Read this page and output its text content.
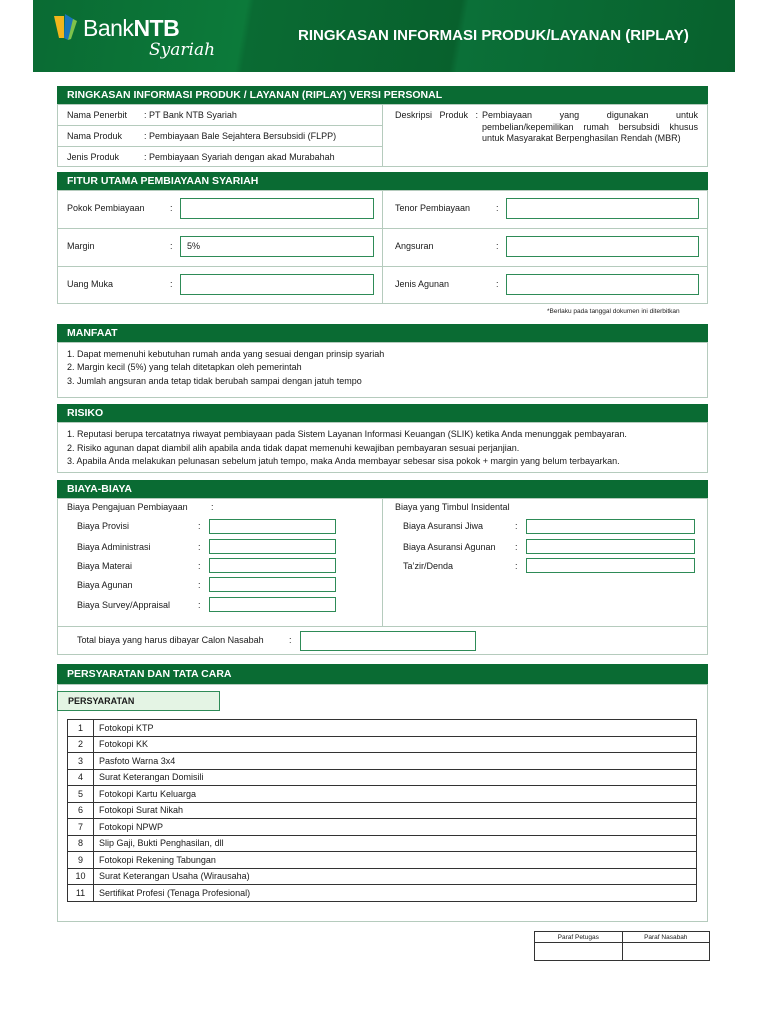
BankNTB
Syariah
RINGKASAN INFORMASI PRODUK/LAYANAN (RIPLAY)
RINGKASAN INFORMASI PRODUK / LAYANAN (RIPLAY) VERSI PERSONAL
Nama Penerbit : PT Bank NTB Syariah
Nama Produk : Pembiayaan Bale Sejahtera Bersubsidi (FLPP)
Jenis Produk	: Pembiayaan Syariah dengan akad Murabahah
Deskripsi Produk : Pembiayaan yang digunakan untuk pembelian/kepemilikan rumah bersubsidi khusus untuk Masyarakat Berpenghasilan Rendah (MBR)
FITUR UTAMA PEMBIAYAAN SYARIAH
Pokok Pembiayaan	:
Margin	:	5%
Uang Muka	:
Tenor Pembiayaan	:
Angsuran	:
Jenis Agunan	:
*Berlaku pada tanggal dokumen ini diterbitkan
MANFAAT
1. Dapat memenuhi kebutuhan rumah anda yang sesuai dengan prinsip syariah
2. Margin kecil (5%) yang telah ditetapkan oleh pemerintah
3. Jumlah angsuran anda tetap tidak berubah sampai dengan jatuh tempo
RISIKO
1. Reputasi berupa tercatatnya riwayat pembiayaan pada Sistem Layanan Informasi Keuangan (SLIK) ketika Anda menunggak pembayaran.
2. Risiko agunan dapat diambil alih apabila anda tidak dapat memenuhi kewajiban pembayaran sesuai perjanjian.
3. Apabila Anda melakukan pelunasan sebelum jatuh tempo, maka Anda membayar sebesar sisa pokok + margin yang belum terbayarkan.
BIAYA-BIAYA
Biaya Pengajuan Pembiayaan	:
Biaya Provisi	:
Biaya Administrasi	:
Biaya Materai	:
Biaya Agunan	:
Biaya Survey/Appraisal	:
Biaya yang Timbul Insidental
Biaya Asuransi Jiwa	:
Biaya Asuransi Agunan :
Ta’zir/Denda	:
Total biaya yang harus dibayar Calon Nasabah	:
PERSYARATAN DAN TATA CARA
PERSYARATAN
1	Fotokopi KTP
2	Fotokopi KK
3	Pasfoto Warna 3x4
4	Surat Keterangan Domisili
5	Fotokopi Kartu Keluarga
6	Fotokopi Surat Nikah
7	Fotokopi NPWP
8	Slip Gaji, Bukti Penghasilan, dll
9	Fotokopi Rekening Tabungan
10	Surat Keterangan Usaha (Wirausaha)
11	Sertifikat Profesi (Tenaga Profesional)
Paraf Petugas	Paraf Nasabah
